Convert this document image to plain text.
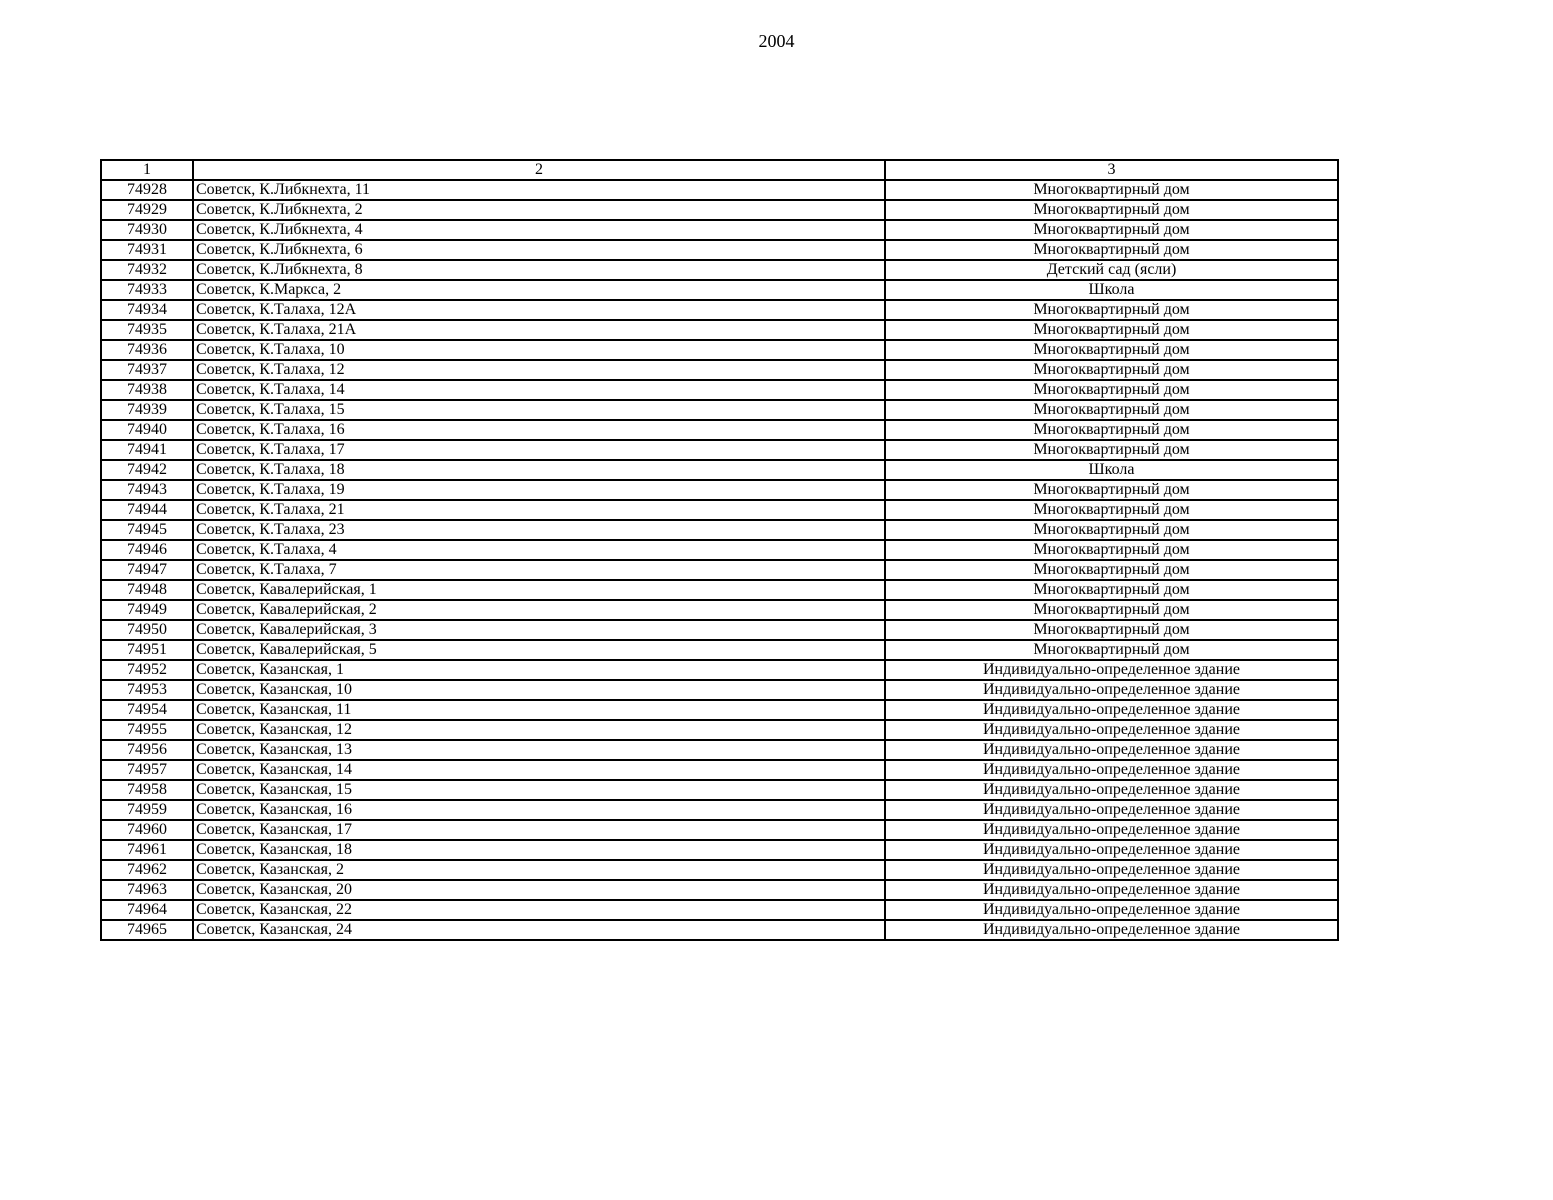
2004
1	2	3
74928	Советск, К.Либкнехта, 11	Многоквартирный дом
74929	Советск, К.Либкнехта, 2	Многоквартирный дом
74930	Советск, К.Либкнехта, 4	Многоквартирный дом
74931	Советск, К.Либкнехта, 6	Многоквартирный дом
74932	Советск, К.Либкнехта, 8	Детский сад (ясли)
74933	Советск, К.Маркса, 2	Школа
74934	Советск, К.Талаха, 12А	Многоквартирный дом
74935	Советск, К.Талаха, 21А	Многоквартирный дом
74936	Советск, К.Талаха, 10	Многоквартирный дом
74937	Советск, К.Талаха, 12	Многоквартирный дом
74938	Советск, К.Талаха, 14	Многоквартирный дом
74939	Советск, К.Талаха, 15	Многоквартирный дом
74940	Советск, К.Талаха, 16	Многоквартирный дом
74941	Советск, К.Талаха, 17	Многоквартирный дом
74942	Советск, К.Талаха, 18	Школа
74943	Советск, К.Талаха, 19	Многоквартирный дом
74944	Советск, К.Талаха, 21	Многоквартирный дом
74945	Советск, К.Талаха, 23	Многоквартирный дом
74946	Советск, К.Талаха, 4	Многоквартирный дом
74947	Советск, К.Талаха, 7	Многоквартирный дом
74948	Советск, Кавалерийская, 1	Многоквартирный дом
74949	Советск, Кавалерийская, 2	Многоквартирный дом
74950	Советск, Кавалерийская, 3	Многоквартирный дом
74951	Советск, Кавалерийская, 5	Многоквартирный дом
74952	Советск, Казанская, 1	Индивидуально-определенное здание
74953	Советск, Казанская, 10	Индивидуально-определенное здание
74954	Советск, Казанская, 11	Индивидуально-определенное здание
74955	Советск, Казанская, 12	Индивидуально-определенное здание
74956	Советск, Казанская, 13	Индивидуально-определенное здание
74957	Советск, Казанская, 14	Индивидуально-определенное здание
74958	Советск, Казанская, 15	Индивидуально-определенное здание
74959	Советск, Казанская, 16	Индивидуально-определенное здание
74960	Советск, Казанская, 17	Индивидуально-определенное здание
74961	Советск, Казанская, 18	Индивидуально-определенное здание
74962	Советск, Казанская, 2	Индивидуально-определенное здание
74963	Советск, Казанская, 20	Индивидуально-определенное здание
74964	Советск, Казанская, 22	Индивидуально-определенное здание
74965	Советск, Казанская, 24	Индивидуально-определенное здание
